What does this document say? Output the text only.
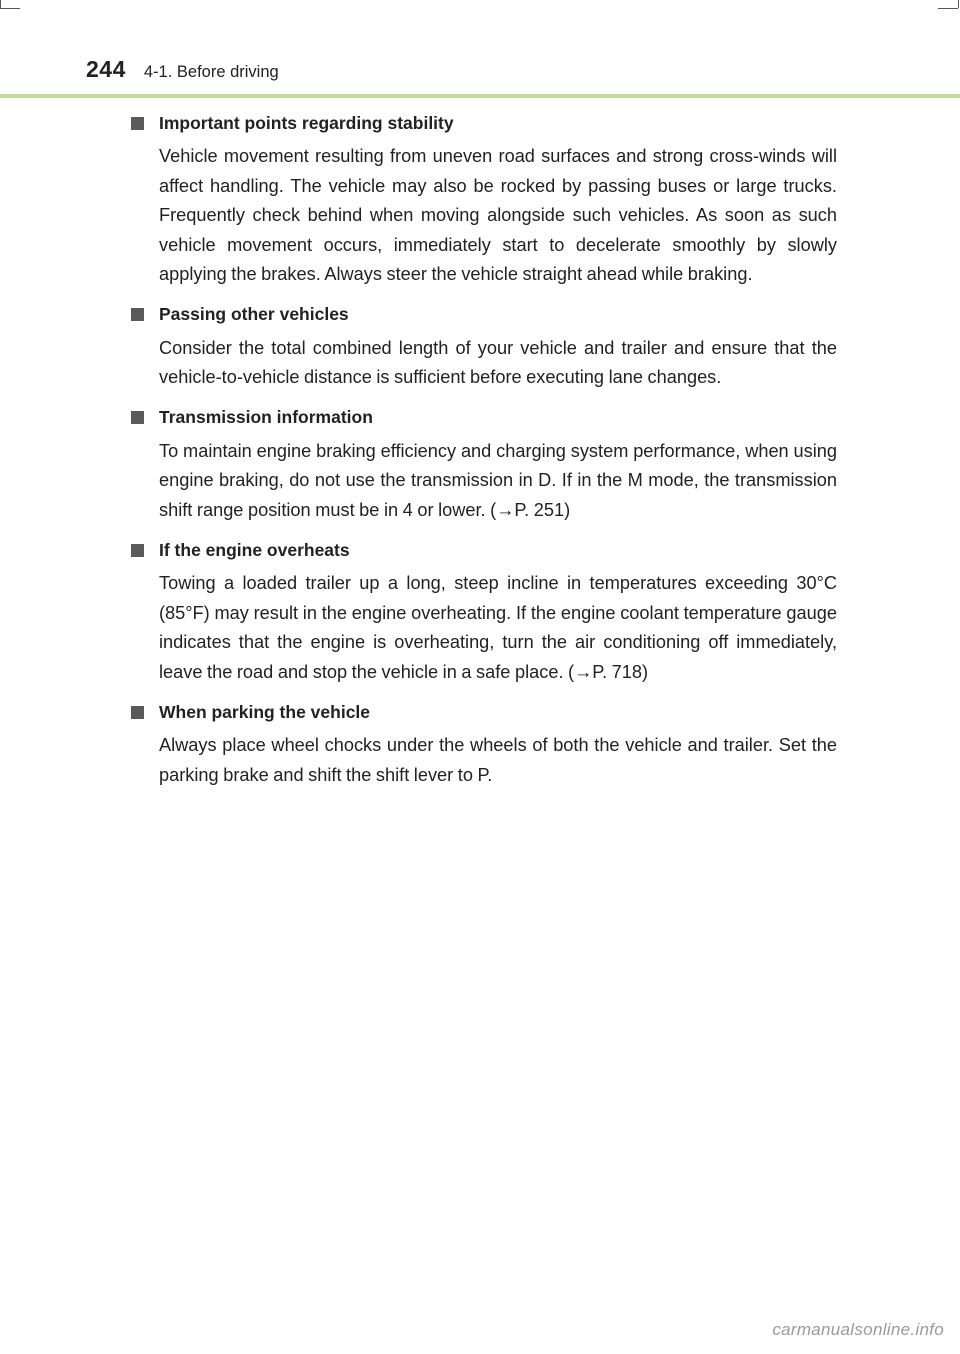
244 4-1. Before driving
Important points regarding stability
Vehicle movement resulting from uneven road surfaces and strong cross-winds will affect handling. The vehicle may also be rocked by passing buses or large trucks. Frequently check behind when moving alongside such vehicles. As soon as such vehicle movement occurs, immediately start to decelerate smoothly by slowly applying the brakes. Always steer the vehicle straight ahead while braking.
Passing other vehicles
Consider the total combined length of your vehicle and trailer and ensure that the vehicle-to-vehicle distance is sufficient before executing lane changes.
Transmission information
To maintain engine braking efficiency and charging system performance, when using engine braking, do not use the transmission in D. If in the M mode, the transmission shift range position must be in 4 or lower. (→P. 251)
If the engine overheats
Towing a loaded trailer up a long, steep incline in temperatures exceeding 30°C (85°F) may result in the engine overheating. If the engine coolant temperature gauge indicates that the engine is overheating, turn the air conditioning off immediately, leave the road and stop the vehicle in a safe place. (→P. 718)
When parking the vehicle
Always place wheel chocks under the wheels of both the vehicle and trailer. Set the parking brake and shift the shift lever to P.
carmanualsonline.info
